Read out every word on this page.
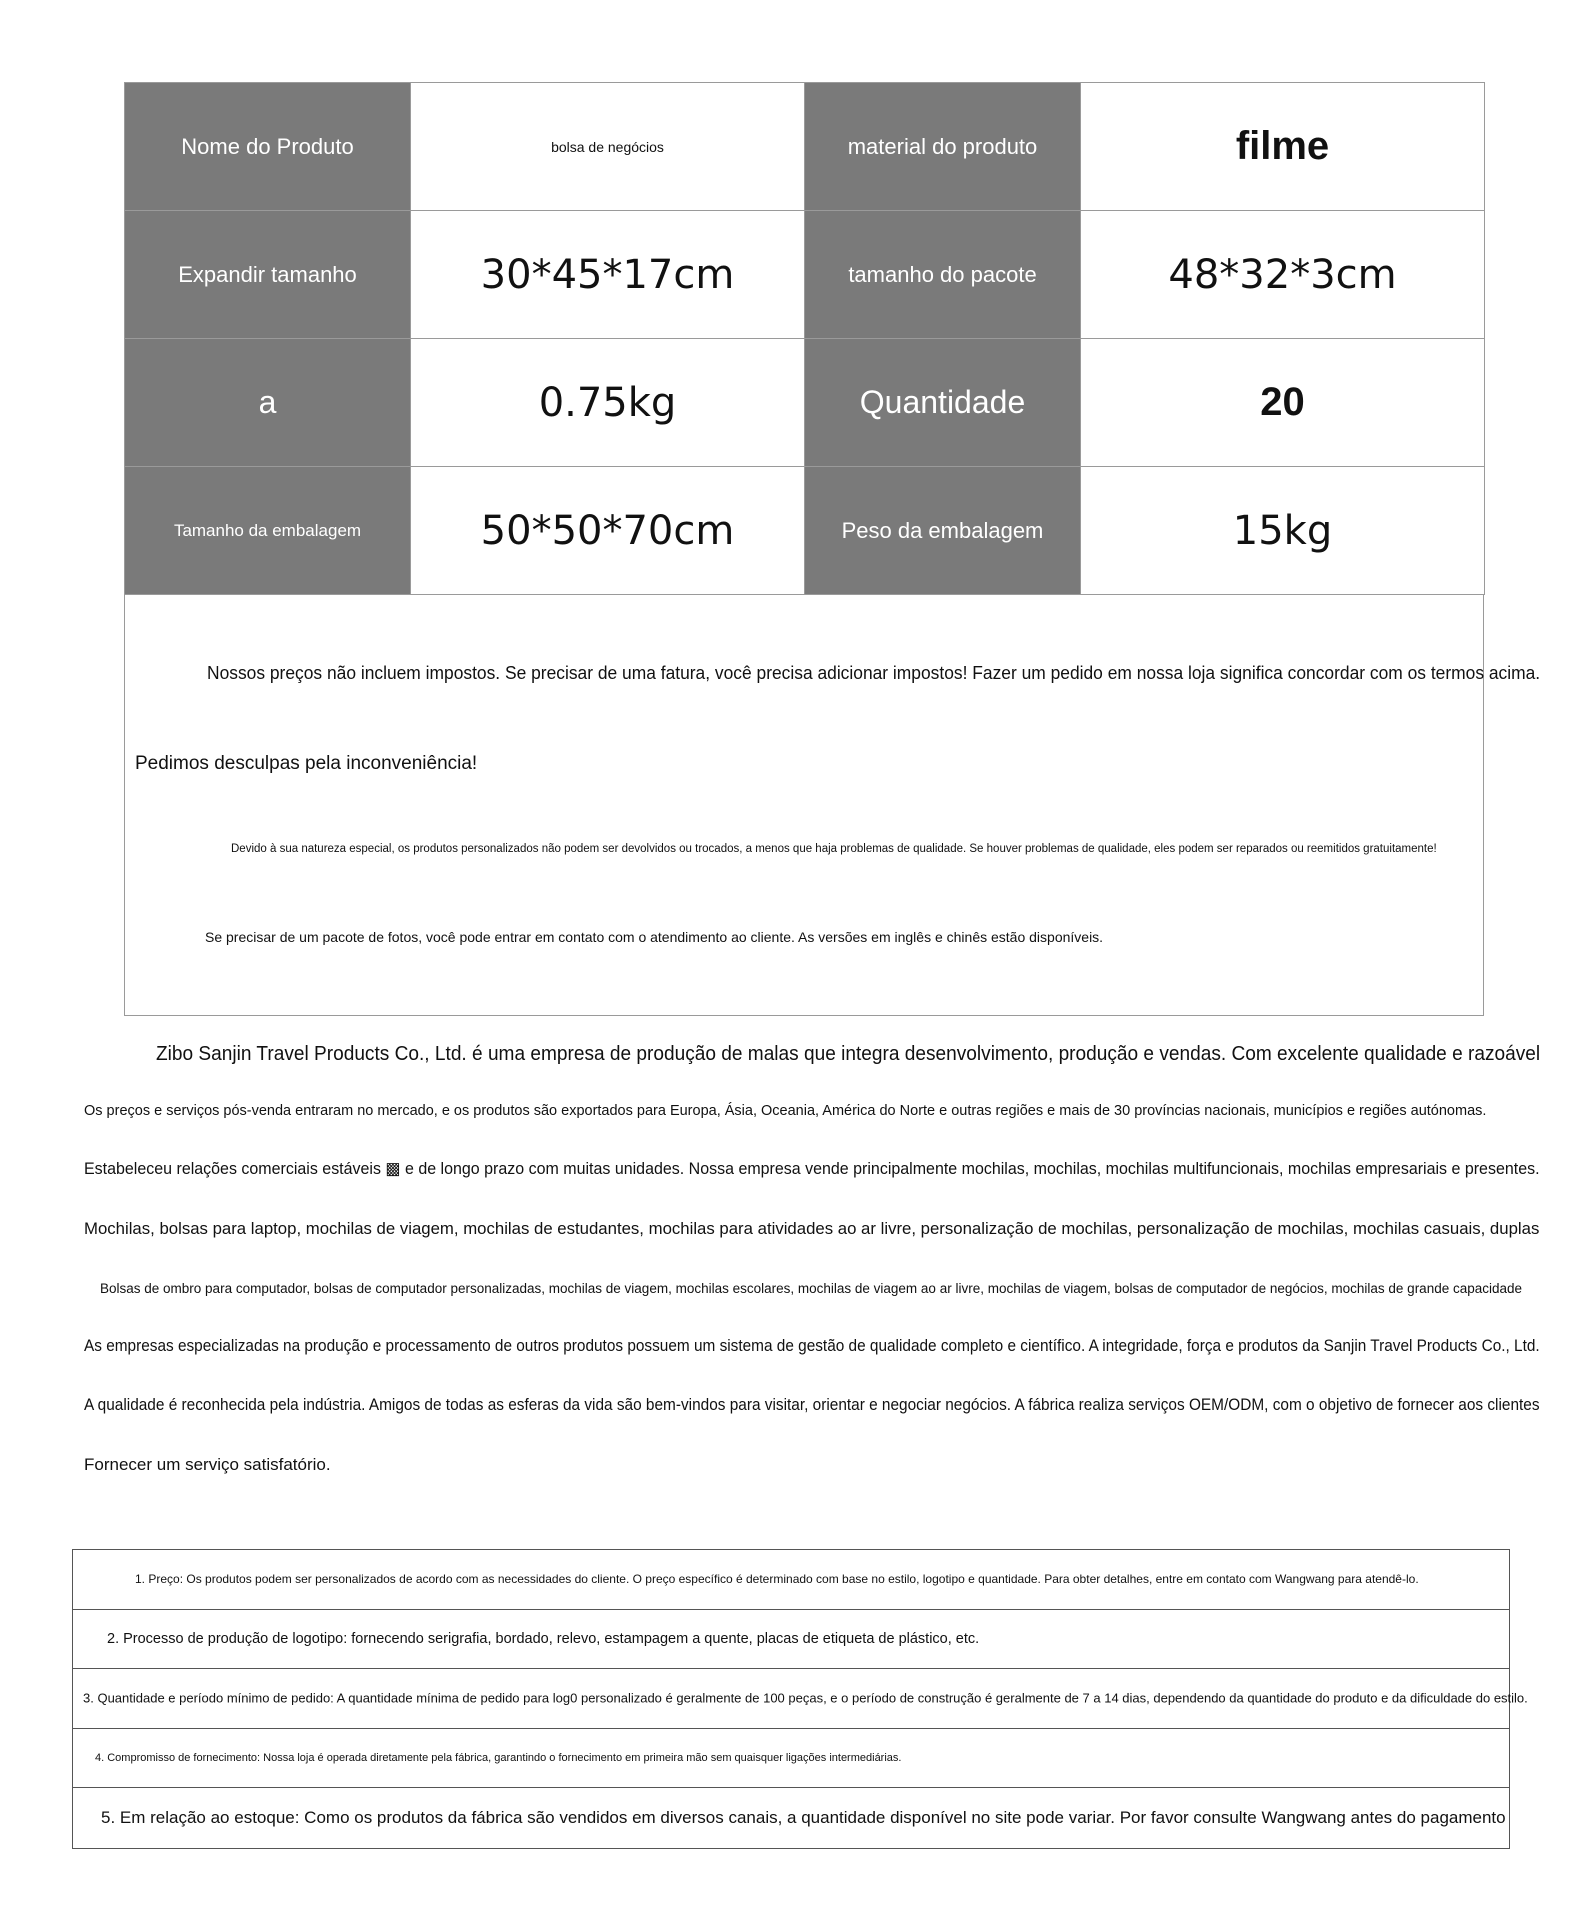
Nome do Produto	bolsa de negócios	material do produto	filme
Expandir tamanho	30*45*17cm	tamanho do pacote	48*32*3cm
a	0.75kg	Quantidade	20
Tamanho da embalagem	50*50*70cm	Peso da embalagem	15kg

Nossos preços não incluem impostos. Se precisar de uma fatura, você precisa adicionar impostos! Fazer um pedido em nossa loja significa concordar com os termos acima.

Pedimos desculpas pela inconveniência!

Devido à sua natureza especial, os produtos personalizados não podem ser devolvidos ou trocados, a menos que haja problemas de qualidade. Se houver problemas de qualidade, eles podem ser reparados ou reemitidos gratuitamente!

Se precisar de um pacote de fotos, você pode entrar em contato com o atendimento ao cliente. As versões em inglês e chinês estão disponíveis.

Zibo Sanjin Travel Products Co., Ltd. é uma empresa de produção de malas que integra desenvolvimento, produção e vendas. Com excelente qualidade e razoável

Os preços e serviços pós-venda entraram no mercado, e os produtos são exportados para Europa, Ásia, Oceania, América do Norte e outras regiões e mais de 30 províncias nacionais, municípios e regiões autónomas.

Estabeleceu relações comerciais estáveis ▩ e de longo prazo com muitas unidades. Nossa empresa vende principalmente mochilas, mochilas, mochilas multifuncionais, mochilas empresariais e presentes.

Mochilas, bolsas para laptop, mochilas de viagem, mochilas de estudantes, mochilas para atividades ao ar livre, personalização de mochilas, personalização de mochilas, mochilas casuais, duplas

Bolsas de ombro para computador, bolsas de computador personalizadas, mochilas de viagem, mochilas escolares, mochilas de viagem ao ar livre, mochilas de viagem, bolsas de computador de negócios, mochilas de grande capacidade

As empresas especializadas na produção e processamento de outros produtos possuem um sistema de gestão de qualidade completo e científico. A integridade, força e produtos da Sanjin Travel Products Co., Ltd.

A qualidade é reconhecida pela indústria. Amigos de todas as esferas da vida são bem-vindos para visitar, orientar e negociar negócios. A fábrica realiza serviços OEM/ODM, com o objetivo de fornecer aos clientes

Fornecer um serviço satisfatório.

1. Preço: Os produtos podem ser personalizados de acordo com as necessidades do cliente. O preço específico é determinado com base no estilo, logotipo e quantidade. Para obter detalhes, entre em contato com Wangwang para atendê-lo.
2. Processo de produção de logotipo: fornecendo serigrafia, bordado, relevo, estampagem a quente, placas de etiqueta de plástico, etc.
3. Quantidade e período mínimo de pedido: A quantidade mínima de pedido para log0 personalizado é geralmente de 100 peças, e o período de construção é geralmente de 7 a 14 dias, dependendo da quantidade do produto e da dificuldade do estilo.
4. Compromisso de fornecimento: Nossa loja é operada diretamente pela fábrica, garantindo o fornecimento em primeira mão sem quaisquer ligações intermediárias.
5. Em relação ao estoque: Como os produtos da fábrica são vendidos em diversos canais, a quantidade disponível no site pode variar. Por favor consulte Wangwang antes do pagamento
